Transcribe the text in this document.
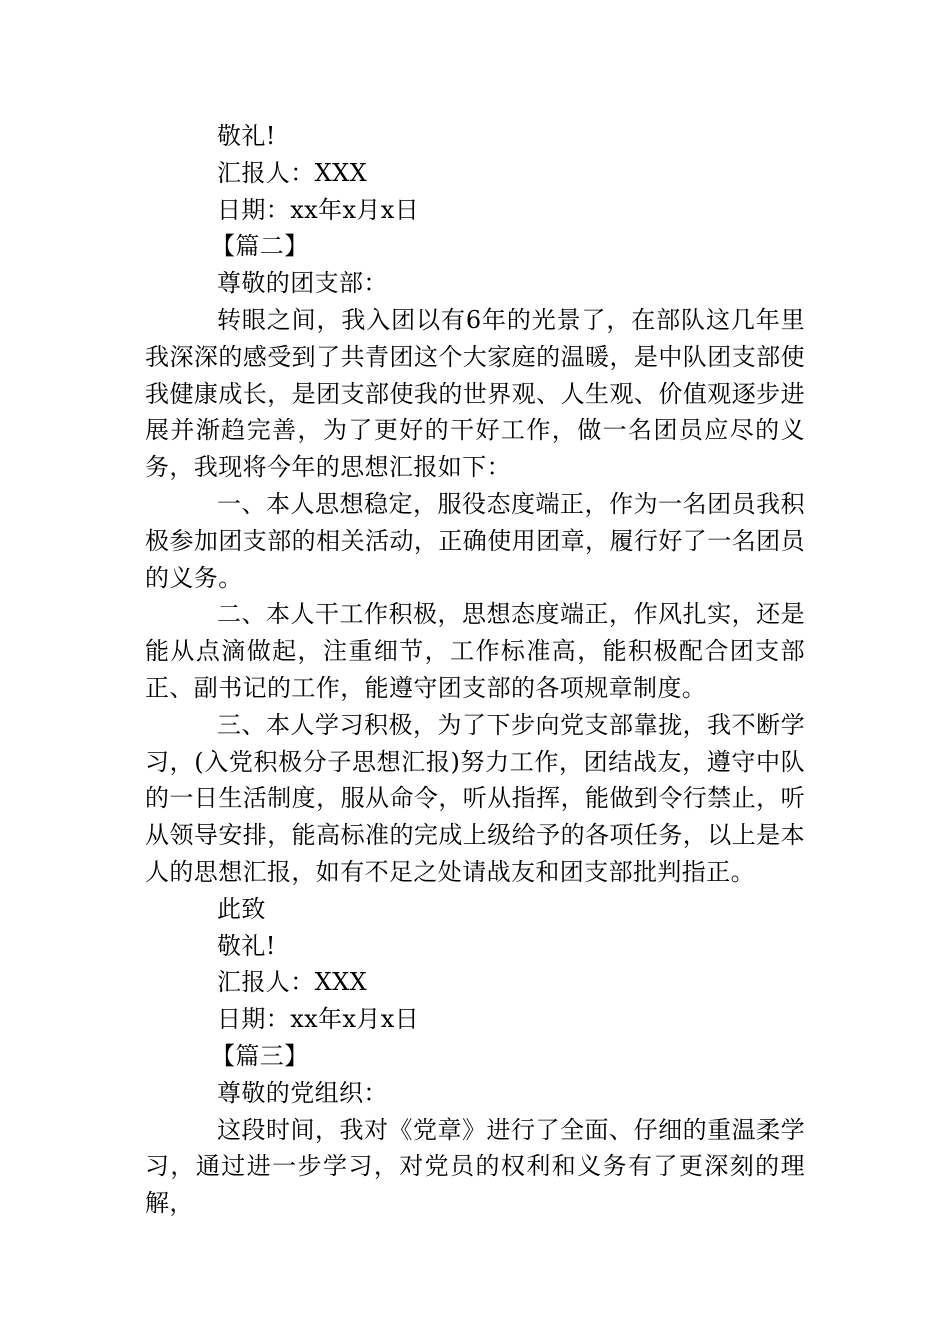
敬礼!

汇报人：XXX

日期：xx年x月x日

【篇二】

尊敬的团支部：

转眼之间，我入团以有6年的光景了，在部队这几年里我深深的感受到了共青团这个大家庭的温暖，是中队团支部使我健康成长，是团支部使我的世界观、人生观、价值观逐步进展并渐趋完善，为了更好的干好工作，做一名团员应尽的义务，我现将今年的思想汇报如下：

一、本人思想稳定，服役态度端正，作为一名团员我积极参加团支部的相关活动，正确使用团章，履行好了一名团员的义务。

二、本人干工作积极，思想态度端正，作风扎实，还是能从点滴做起，注重细节，工作标准高，能积极配合团支部正、副书记的工作，能遵守团支部的各项规章制度。

三、本人学习积极，为了下步向党支部靠拢，我不断学习，(入党积极分子思想汇报)努力工作，团结战友，遵守中队的一日生活制度，服从命令，听从指挥，能做到令行禁止，听从领导安排，能高标准的完成上级给予的各项任务，以上是本人的思想汇报，如有不足之处请战友和团支部批判指正。

此致

敬礼!

汇报人：XXX

日期：xx年x月x日

【篇三】

尊敬的党组织：

这段时间，我对《党章》进行了全面、仔细的重温柔学习，通过进一步学习，对党员的权利和义务有了更深刻的理解，
